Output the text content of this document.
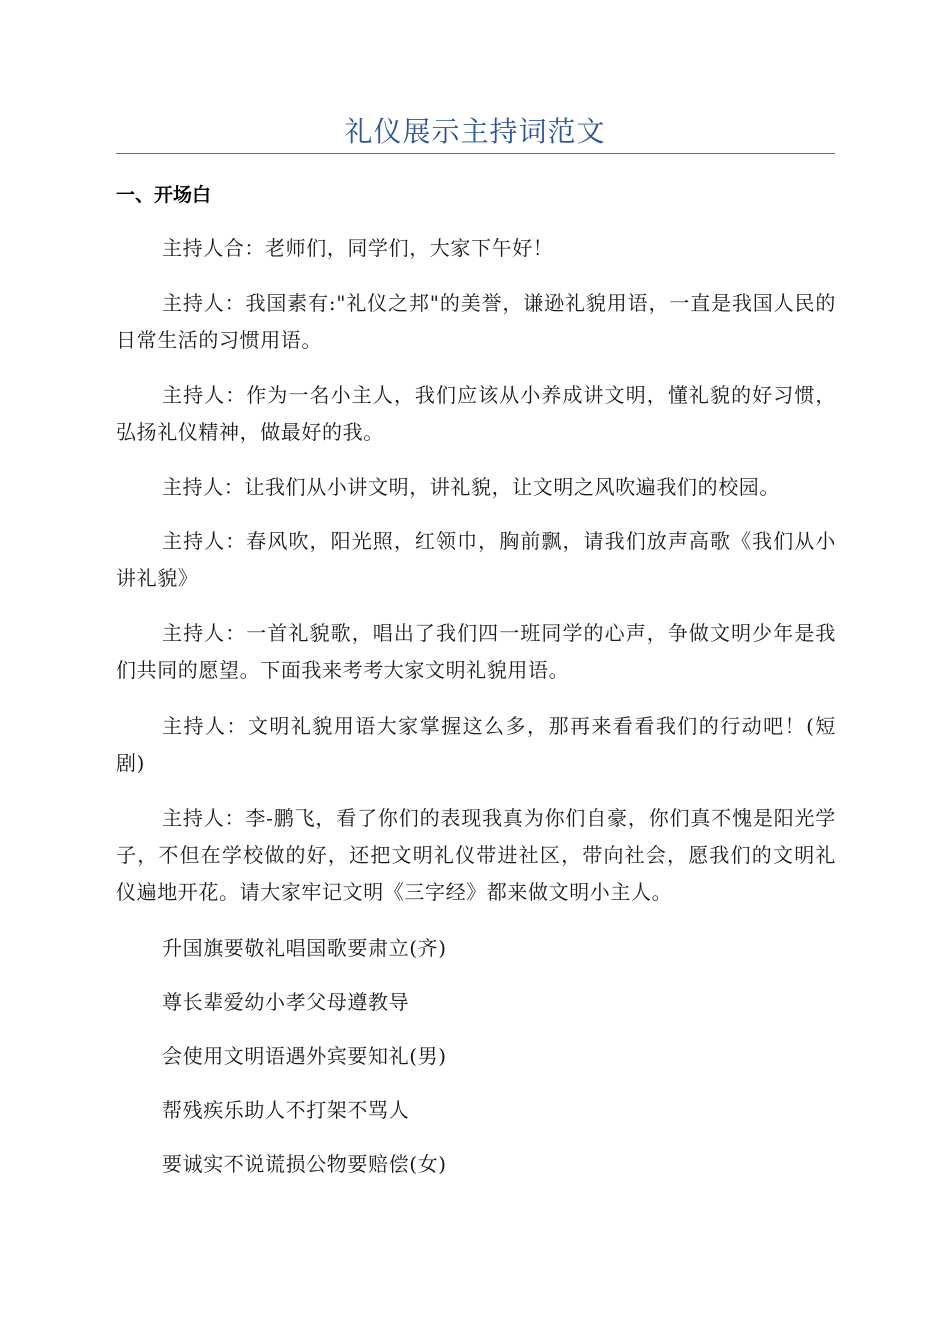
礼仪展示主持词范文
一、开场白

主持人合：老师们，同学们，大家下午好！

主持人：我国素有:"礼仪之邦"的美誉，谦逊礼貌用语，一直是我国人民的日常生活的习惯用语。

主持人：作为一名小主人，我们应该从小养成讲文明，懂礼貌的好习惯，弘扬礼仪精神，做最好的我。

主持人：让我们从小讲文明，讲礼貌，让文明之风吹遍我们的校园。

主持人：春风吹，阳光照，红领巾，胸前飘，请我们放声高歌《我们从小讲礼貌》

主持人：一首礼貌歌，唱出了我们四一班同学的心声，争做文明少年是我们共同的愿望。下面我来考考大家文明礼貌用语。

主持人：文明礼貌用语大家掌握这么多，那再来看看我们的行动吧！(短剧)

主持人：李-鹏飞，看了你们的表现我真为你们自豪，你们真不愧是阳光学子，不但在学校做的好，还把文明礼仪带进社区，带向社会，愿我们的文明礼仪遍地开花。请大家牢记文明《三字经》都来做文明小主人。

升国旗要敬礼唱国歌要肃立(齐)

尊长辈爱幼小孝父母遵教导

会使用文明语遇外宾要知礼(男)

帮残疾乐助人不打架不骂人

要诚实不说谎损公物要赔偿(女)
